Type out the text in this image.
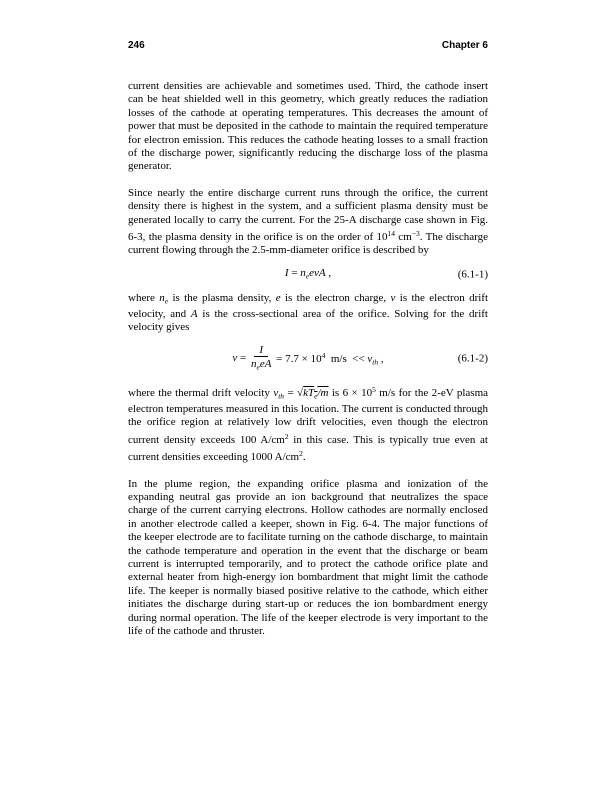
246	Chapter 6

current densities are achievable and sometimes used. Third, the cathode insert can be heat shielded well in this geometry, which greatly reduces the radiation losses of the cathode at operating temperatures. This decreases the amount of power that must be deposited in the cathode to maintain the required temperature for electron emission. This reduces the cathode heating losses to a small fraction of the discharge power, significantly reducing the discharge loss of the plasma generator.

Since nearly the entire discharge current runs through the orifice, the current density there is highest in the system, and a sufficient plasma density must be generated locally to carry the current. For the 25-A discharge case shown in Fig. 6-3, the plasma density in the orifice is on the order of $10^{14}$ $cm^{-3}$. The discharge current flowing through the 2.5-mm-diameter orifice is described by

$I = n_eevA$ ,	(6.1-1)

where $n_e$ is the plasma density, e is the electron charge, v is the electron drift velocity, and A is the cross-sectional area of the orifice. Solving for the drift velocity gives

$v = \frac{I}{n_eeA} = 7.7 \times 10^4$  $m/s << v_{th}$ ,	(6.1-2)

where the thermal drift velocity $v_{th} = √kT_{\overline{e}}/m$ is $6 \times 10^5$ m/s for the 2-eV plasma electron temperatures measured in this location. The current is conducted through the orifice region at relatively low drift velocities, even though the electron current density exceeds 100 $A/cm^2$ in this case. This is typically true even at current densities exceeding 1000 $A/cm^2$.

In the plume region, the expanding orifice plasma and ionization of the expanding neutral gas provide an ion background that neutralizes the space charge of the current carrying electrons. Hollow cathodes are normally enclosed in another electrode called a keeper, shown in Fig. 6-4. The major functions of the keeper electrode are to facilitate turning on the cathode discharge, to maintain the cathode temperature and operation in the event that the discharge or beam current is interrupted temporarily, and to protect the cathode orifice plate and external heater from high-energy ion bombardment that might limit the cathode life. The keeper is normally biased positive relative to the cathode, which either initiates the discharge during start-up or reduces the ion bombardment energy during normal operation. The life of the keeper electrode is very important to the life of the cathode and thruster.
